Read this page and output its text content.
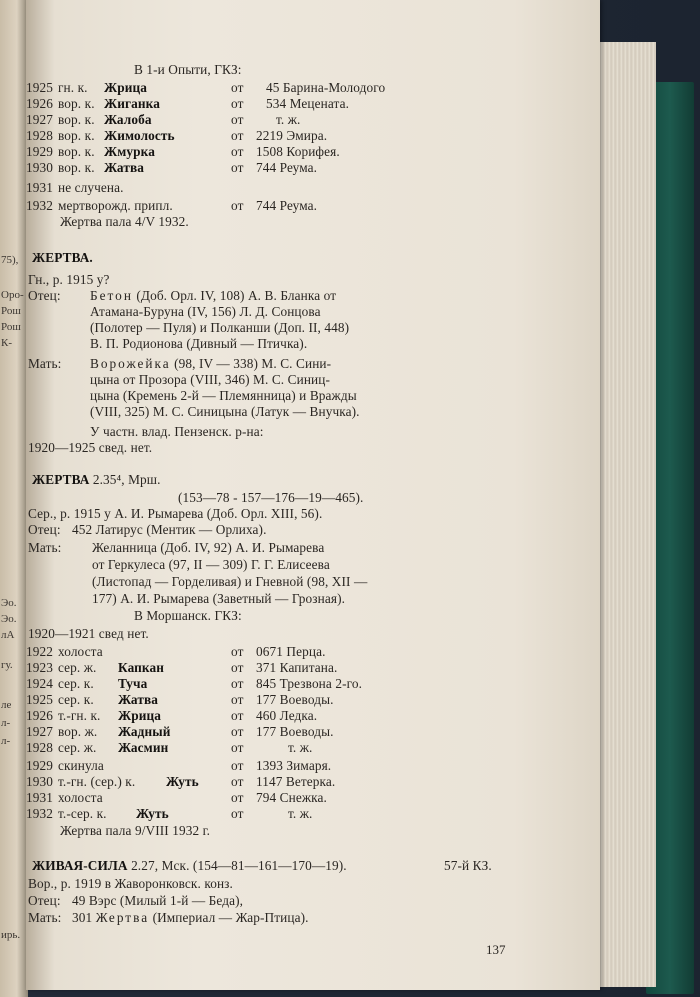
75),
Оро-
Рош
Рош
К-
Эо.
Эо.
лА
гу.
ле
л-
л-
ирь.
В 1-и Опыти, ГКЗ:
1925 гн. к. Жрица	от 45 Барина-Молодого
1926 вор. к. Жиганка	от 534 Мецената.
1927 вор. к. Жалоба	от т. ж.
1928 вор. к. Жимолость	от 2219 Эмира.
1929 вор. к. Жмурка	от 1508 Корифея.
1930 вор. к. Жатва	от 744 Реума.
1931 не случена.
1932 мертворожд. припл.	от 744 Реума.
Жертва пала 4/V 1932.
ЖЕРТВА.
Гн., р. 1915 у?
Отец: Бетон (Доб. Орл. IV, 108) А. В. Бланка от
Атамана-Буруна (IV, 156) Л. Д. Сонцова
(Полотер — Пуля) и Полканши (Доп. II, 448)
В. П. Родионова (Дивный — Птичка).
Мать: Ворожейка (98, IV — 338) М. С. Сини-
цына от Прозора (VIII, 346) М. С. Синиц-
цына (Кремень 2-й — Племянница) и Вражды
(VIII, 325) М. С. Синицына (Латук — Внучка).
У частн. влад. Пензенск. р-на:
1920—1925 свед. нет.
ЖЕРТВА 2.35⁴, Мрш.
(153—78 - 157—176—19—465).
Сер., р. 1915 у А. И. Рымарева (Доб. Орл. XIII, 56).
Отец: 452 Латирус (Ментик — Орлиха).
Мать: Желанница (Доб. IV, 92) А. И. Рымарева
от Геркулеса (97, II — 309) Г. Г. Елисеева
(Листопад — Горделивая) и Гневной (98, XII —
177) А. И. Рымарева (Заветный — Грозная).
В Моршанск. ГКЗ:
1920—1921 свед нет.
1922 холоста	от 0671 Перца.
1923 сер. ж. Капкан	от 371 Капитана.
1924 сер. к. Туча	от 845 Трезвона 2-го.
1925 сер. к. Жатва	от 177 Воеводы.
1926 т.-гн. к. Жрица	от 460 Ледка.
1927 вор. ж. Жадный	от 177 Воеводы.
1928 сер. ж. Жасмин	от	т. ж.
1929 скинула	от 1393 Зимаря.
1930 т.-гн. (сер.) к. Жуть от 1147 Ветерка.
1931 холоста	от 794 Снежка.
1932 т.-сер. к. Жуть	от	т. ж.
Жертва пала 9/VIII 1932 г.
ЖИВАЯ-СИЛА 2.27, Мск. (154—81—161—170—19).	57-й КЗ.
Вор., р. 1919 в Жаворонковск. конз.
Отец: 49 Вэрс (Милый 1-й — Беда),
Мать: 301 Жертва (Империал — Жар-Птица).
137
